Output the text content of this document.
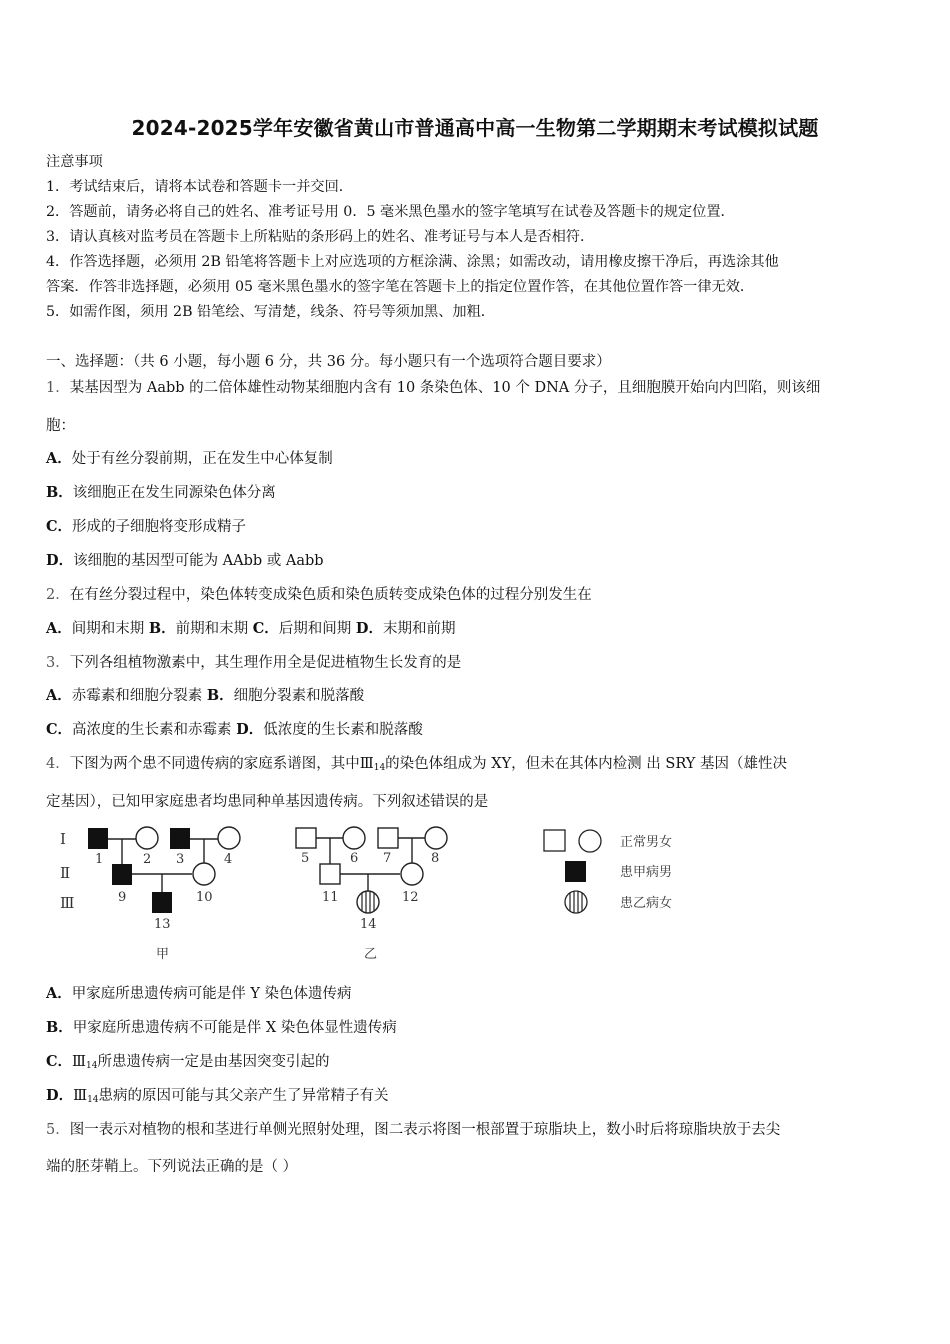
2024-2025学年安徽省黄山市普通高中高一生物第二学期期末考试模拟试题
注意事项
1．考试结束后，请将本试卷和答题卡一并交回．
2．答题前，请务必将自己的姓名、准考证号用 0．5 毫米黑色墨水的签字笔填写在试卷及答题卡的规定位置．
3．请认真核对监考员在答题卡上所粘贴的条形码上的姓名、准考证号与本人是否相符．
4．作答选择题，必须用 2B 铅笔将答题卡上对应选项的方框涂满、涂黑；如需改动，请用橡皮擦干净后，再选涂其他
答案．作答非选择题，必须用 05 毫米黑色墨水的签字笔在答题卡上的指定位置作答，在其他位置作答一律无效．
5．如需作图，须用 2B 铅笔绘、写清楚，线条、符号等须加黑、加粗．
一、选择题：（共 6 小题，每小题 6 分，共 36 分。每小题只有一个选项符合题目要求）
1．某基因型为 Aabb 的二倍体雄性动物某细胞内含有 10 条染色体、10 个 DNA 分子，且细胞膜开始向内凹陷，则该细
胞：
A．处于有丝分裂前期，正在发生中心体复制
B．该细胞正在发生同源染色体分离
C．形成的子细胞将变形成精子
D．该细胞的基因型可能为 AAbb 或 Aabb
2．在有丝分裂过程中，染色体转变成染色质和染色质转变成染色体的过程分别发生在
A．间期和末期 B．前期和末期 C．后期和间期 D．末期和前期
3．下列各组植物激素中，其生理作用全是促进植物生长发育的是
A．赤霉素和细胞分裂素 B．细胞分裂素和脱落酸
C．高浓度的生长素和赤霉素 D．低浓度的生长素和脱落酸
4．下图为两个患不同遗传病的家庭系谱图，其中$Ⅲ_{14}$的染色体组成为 XY，但未在其体内检测 出 SRY 基因（雄性决
定基因），已知甲家庭患者均患同种单基因遗传病。下列叙述错误的是
Ⅰ
Ⅱ
Ⅲ
1	2 3	4
9	10
13
甲
5	6 7	8
11	12
14
乙
正常男女
患甲病男
患乙病女
A．甲家庭所患遗传病可能是伴 Y 染色体遗传病
B．甲家庭所患遗传病不可能是伴 X 染色体显性遗传病
C．$Ⅲ_{14}$所患遗传病一定是由基因突变引起的
D．$Ⅲ_{14}$患病的原因可能与其父亲产生了异常精子有关
5．图一表示对植物的根和茎进行单侧光照射处理，图二表示将图一根部置于琼脂块上，数小时后将琼脂块放于去尖
端的胚芽鞘上。下列说法正确的是（ ）
